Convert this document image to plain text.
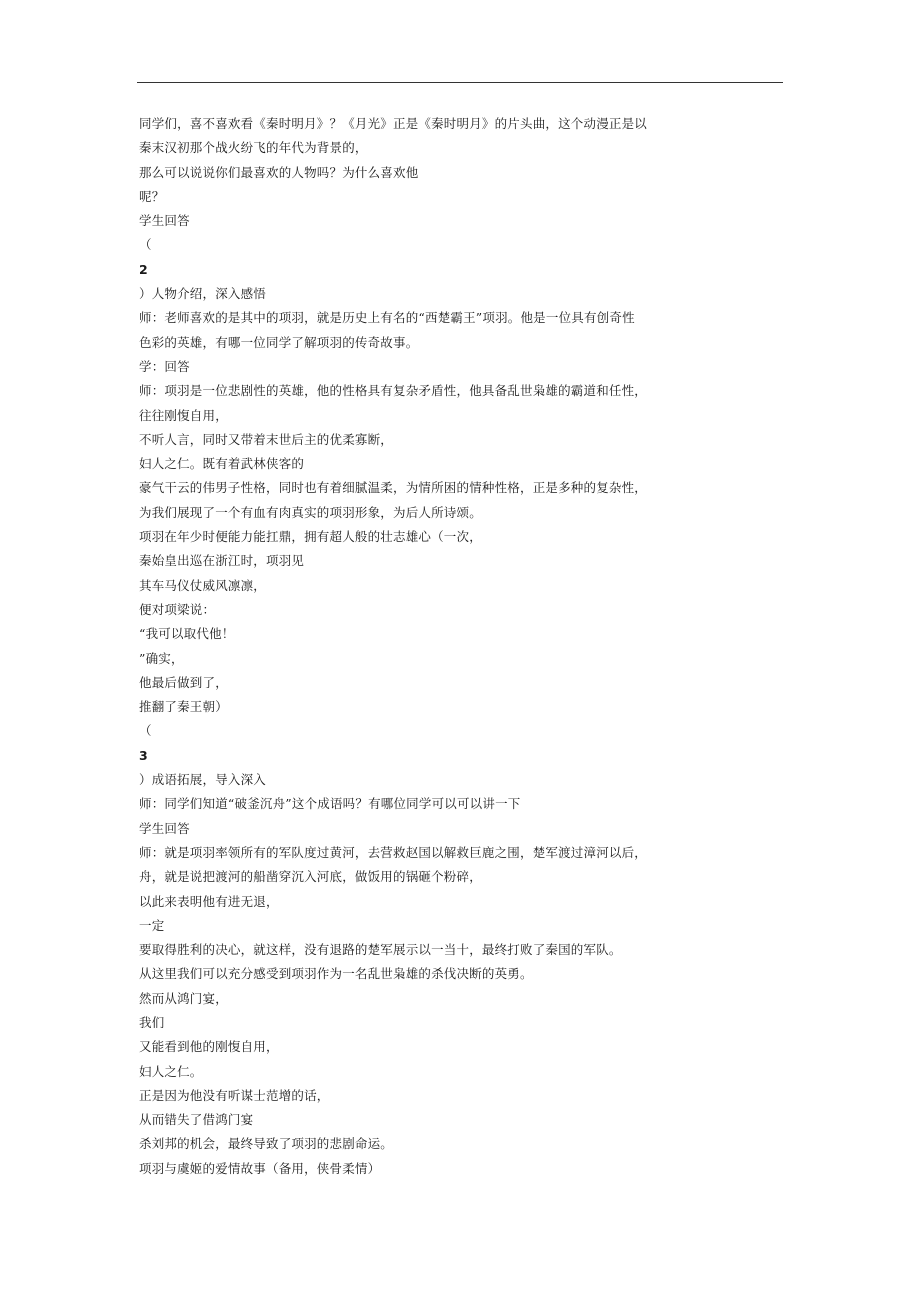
同学们，喜不喜欢看《秦时明月》？《月光》正是《秦时明月》的片头曲，这个动漫正是以
秦末汉初那个战火纷飞的年代为背景的，
那么可以说说你们最喜欢的人物吗？为什么喜欢他
呢？
学生回答
（
2
）人物介绍，深入感悟
师：老师喜欢的是其中的项羽，就是历史上有名的“西楚霸王”项羽。他是一位具有创奇性
色彩的英雄，有哪一位同学了解项羽的传奇故事。
学：回答
师：项羽是一位悲剧性的英雄，他的性格具有复杂矛盾性，他具备乱世枭雄的霸道和任性，
往往刚愎自用，
不听人言，同时又带着末世后主的优柔寡断，
妇人之仁。既有着武林侠客的
豪气干云的伟男子性格，同时也有着细腻温柔，为情所困的情种性格，正是多种的复杂性，
为我们展现了一个有血有肉真实的项羽形象，为后人所诗颂。
项羽在年少时便能力能扛鼎，拥有超人般的壮志雄心（一次，
秦始皇出巡在浙江时，项羽见
其车马仪仗威风凛凛，
便对项梁说：
“我可以取代他！
”确实，
他最后做到了，
推翻了秦王朝）
（
3
）成语拓展，导入深入
师：同学们知道“破釜沉舟”这个成语吗？有哪位同学可以可以讲一下
学生回答
师：就是项羽率领所有的军队度过黄河，去营救赵国以解救巨鹿之围，楚军渡过漳河以后，
舟，就是说把渡河的船凿穿沉入河底，做饭用的锅砸个粉碎，
以此来表明他有进无退，
一定
要取得胜利的决心，就这样，没有退路的楚军展示以一当十，最终打败了秦国的军队。
从这里我们可以充分感受到项羽作为一名乱世枭雄的杀伐决断的英勇。
然而从鸿门宴，
我们
又能看到他的刚愎自用，
妇人之仁。
正是因为他没有听谋士范增的话，
从而错失了借鸿门宴
杀刘邦的机会，最终导致了项羽的悲剧命运。
项羽与虞姬的爱情故事（备用，侠骨柔情）
